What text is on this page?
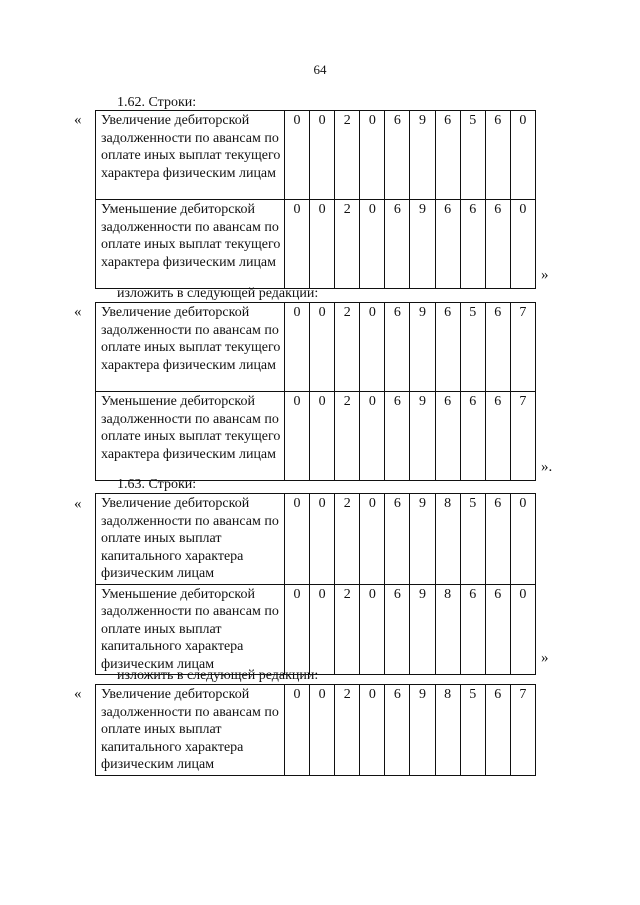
64
1.62. Строки:
« Увеличение дебиторской задолженности по авансам по оплате иных выплат текущего характера физическим лицам	0	0	2	0	6	9	6	5	6	0
Уменьшение дебиторской задолженности по авансам по оплате иных выплат текущего характера физическим лицам	0	0	2	0	6	9	6	6	6	0
»
изложить в следующей редакции:
« Увеличение дебиторской задолженности по авансам по оплате иных выплат текущего характера физическим лицам	0	0	2	0	6	9	6	5	6	7
Уменьшение дебиторской задолженности по авансам по оплате иных выплат текущего характера физическим лицам	0	0	2	0	6	9	6	6	6	7
».
1.63. Строки:
« Увеличение дебиторской задолженности по авансам по оплате иных выплат капитального характера физическим лицам	0	0	2	0	6	9	8	5	6	0
Уменьшение дебиторской задолженности по авансам по оплате иных выплат капитального характера физическим лицам	0	0	2	0	6	9	8	6	6	0
»
изложить в следующей редакции:
« Увеличение дебиторской задолженности по авансам по оплате иных выплат капитального характера физическим лицам	0	0	2	0	6	9	8	5	6	7
